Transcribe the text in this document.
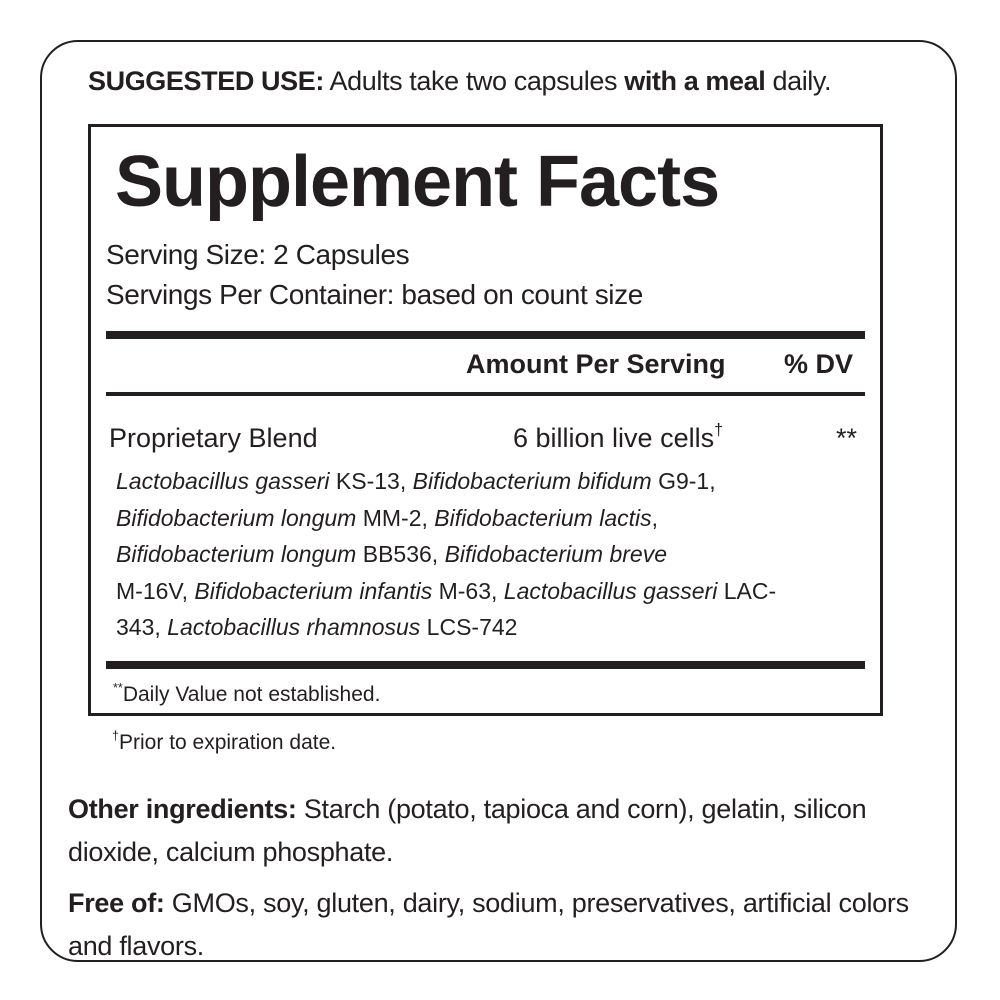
SUGGESTED USE: Adults take two capsules with a meal daily.
Supplement Facts
Serving Size: 2 Capsules
Servings Per Container: based on count size
Amount Per Serving % DV
Proprietary Blend	6 billion live cells†	**
Lactobacillus gasseri KS-13, Bifidobacterium bifidum G9-1,
Bifidobacterium longum MM-2, Bifidobacterium lactis,
Bifidobacterium longum BB536, Bifidobacterium breve
M-16V, Bifidobacterium infantis M-63, Lactobacillus gasseri LAC-343, Lactobacillus rhamnosus LCS-742
**Daily Value not established.
†Prior to expiration date.
Other ingredients: Starch (potato, tapioca and corn), gelatin, silicon dioxide, calcium phosphate.
Free of: GMOs, soy, gluten, dairy, sodium, preservatives, artificial colors and flavors.
